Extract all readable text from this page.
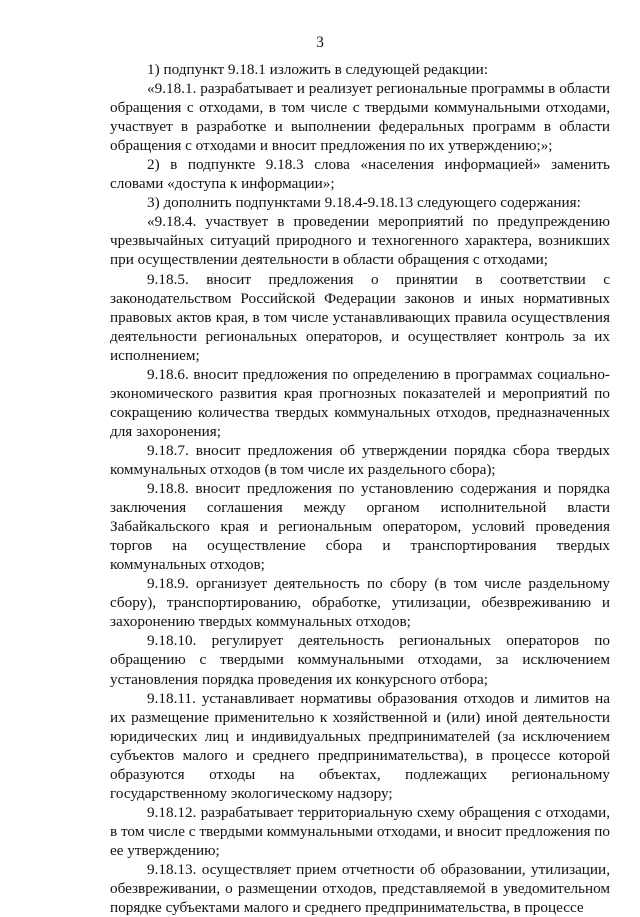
3

1) подпункт 9.18.1 изложить в следующей редакции:

«9.18.1. разрабатывает и реализует региональные программы в области обращения с отходами, в том числе с твердыми коммунальными отходами, участвует в разработке и выполнении федеральных программ в области обращения с отходами и вносит предложения по их утверждению;»;

2) в подпункте 9.18.3 слова «населения информацией» заменить словами «доступа к информации»;

3) дополнить подпунктами 9.18.4-9.18.13 следующего содержания:

«9.18.4. участвует в проведении мероприятий по предупреждению чрезвычайных ситуаций природного и техногенного характера, возникших при осуществлении деятельности в области обращения с отходами;

9.18.5. вносит предложения о принятии в соответствии с законодательством Российской Федерации законов и иных нормативных правовых актов края, в том числе устанавливающих правила осуществления деятельности региональных операторов, и осуществляет контроль за их исполнением;

9.18.6. вносит предложения по определению в программах социально-экономического развития края прогнозных показателей и мероприятий по сокращению количества твердых коммунальных отходов, предназначенных для захоронения;

9.18.7. вносит предложения об утверждении порядка сбора твердых коммунальных отходов (в том числе их раздельного сбора);

9.18.8. вносит предложения по установлению содержания и порядка заключения соглашения между органом исполнительной власти Забайкальского края и региональным оператором, условий проведения торгов на осуществление сбора и транспортирования твердых коммунальных отходов;

9.18.9. организует деятельность по сбору (в том числе раздельному сбору), транспортированию, обработке, утилизации, обезвреживанию и захоронению твердых коммунальных отходов;

9.18.10. регулирует деятельность региональных операторов по обращению с твердыми коммунальными отходами, за исключением установления порядка проведения их конкурсного отбора;

9.18.11. устанавливает нормативы образования отходов и лимитов на их размещение применительно к хозяйственной и (или) иной деятельности юридических лиц и индивидуальных предпринимателей (за исключением субъектов малого и среднего предпринимательства), в процессе которой образуются отходы на объектах, подлежащих региональному государственному экологическому надзору;

9.18.12. разрабатывает территориальную схему обращения с отходами, в том числе с твердыми коммунальными отходами, и вносит предложения по ее утверждению;

9.18.13. осуществляет прием отчетности об образовании, утилизации, обезвреживании, о размещении отходов, представляемой в уведомительном порядке субъектами малого и среднего предпринимательства, в процессе
